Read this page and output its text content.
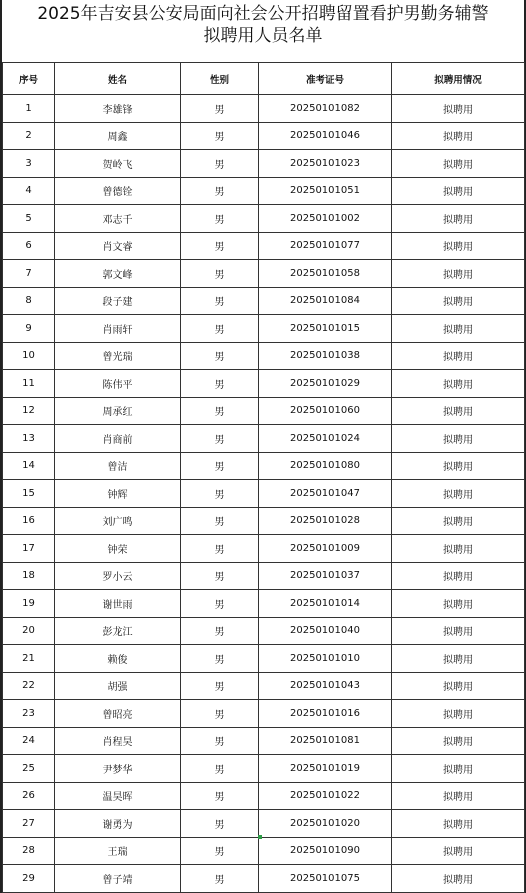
2025年吉安县公安局面向社会公开招聘留置看护男勤务辅警
拟聘用人员名单
序号	姓名	性别	准考证号	拟聘用情况
1	李雄锋	男	20250101082	拟聘用
2	周鑫	男	20250101046	拟聘用
3	贺岭飞	男	20250101023	拟聘用
4	曾德铨	男	20250101051	拟聘用
5	邓志千	男	20250101002	拟聘用
6	肖文睿	男	20250101077	拟聘用
7	郭文峰	男	20250101058	拟聘用
8	段子建	男	20250101084	拟聘用
9	肖雨轩	男	20250101015	拟聘用
10	曾光瑞	男	20250101038	拟聘用
11	陈伟平	男	20250101029	拟聘用
12	周承红	男	20250101060	拟聘用
13	肖商前	男	20250101024	拟聘用
14	曾洁	男	20250101080	拟聘用
15	钟辉	男	20250101047	拟聘用
16	刘广鸣	男	20250101028	拟聘用
17	钟荣	男	20250101009	拟聘用
18	罗小云	男	20250101037	拟聘用
19	谢世雨	男	20250101014	拟聘用
20	彭龙江	男	20250101040	拟聘用
21	赖俊	男	20250101010	拟聘用
22	胡强	男	20250101043	拟聘用
23	曾昭亮	男	20250101016	拟聘用
24	肖程昊	男	20250101081	拟聘用
25	尹梦华	男	20250101019	拟聘用
26	温昊晖	男	20250101022	拟聘用
27	谢勇为	男	20250101020	拟聘用
28	王瑞	男	20250101090	拟聘用
29	曾子靖	男	20250101075	拟聘用
